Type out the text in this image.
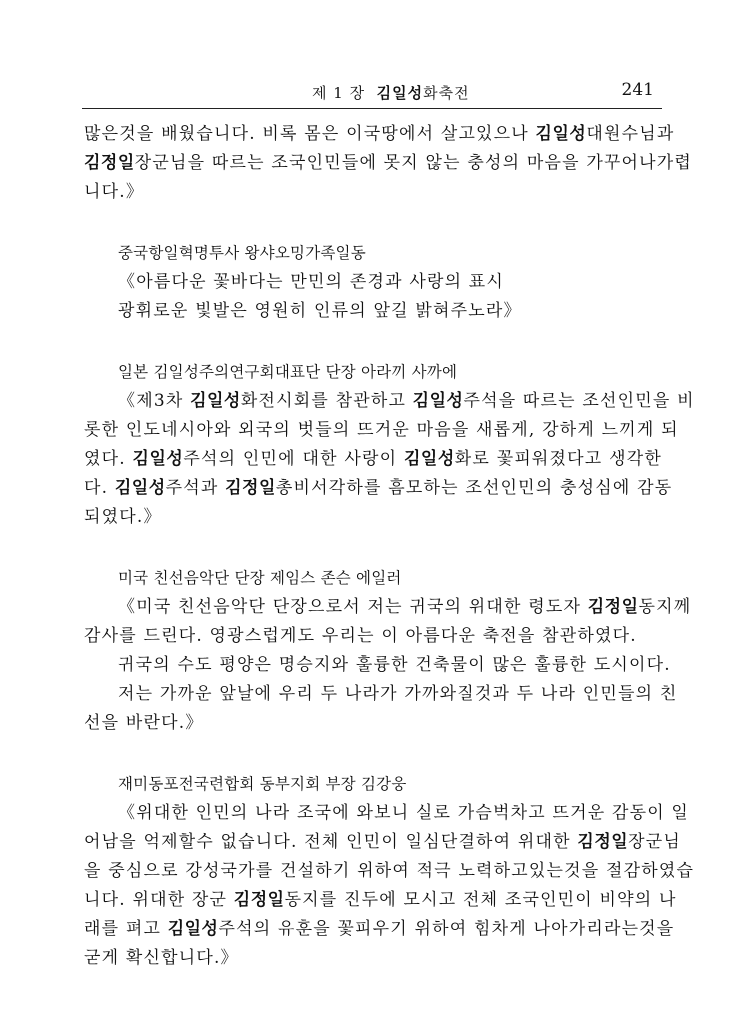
제 1 장 김일성화축전	241
많은것을 배웠습니다. 비록 몸은 이국땅에서 살고있으나 김일성대원수님과
김정일장군님을 따르는 조국인민들에 못지 않는 충성의 마음을 가꾸어나가렵
니다.》
중국항일혁명투사 왕샤오밍가족일동
《아름다운 꽃바다는 만민의 존경과 사랑의 표시
광휘로운 빛발은 영원히 인류의 앞길 밝혀주노라》
일본 김일성주의연구회대표단 단장 아라끼 사까에
《제3차 김일성화전시회를 참관하고 김일성주석을 따르는 조선인민을 비
롯한 인도네시아와 외국의 벗들의 뜨거운 마음을 새롭게, 강하게 느끼게 되
였다. 김일성주석의 인민에 대한 사랑이 김일성화로 꽃피워졌다고 생각한
다. 김일성주석과 김정일총비서각하를 흠모하는 조선인민의 충성심에 감동
되였다.》
미국 친선음악단 단장 제임스 존슨 에일러
《미국 친선음악단 단장으로서 저는 귀국의 위대한 령도자 김정일동지께
감사를 드린다. 영광스럽게도 우리는 이 아름다운 축전을 참관하였다.
귀국의 수도 평양은 명승지와 훌륭한 건축물이 많은 훌륭한 도시이다.
저는 가까운 앞날에 우리 두 나라가 가까와질것과 두 나라 인민들의 친
선을 바란다.》
재미동포전국련합회 동부지회 부장 김강웅
《위대한 인민의 나라 조국에 와보니 실로 가슴벅차고 뜨거운 감동이 일
어남을 억제할수 없습니다. 전체 인민이 일심단결하여 위대한 김정일장군님
을 중심으로 강성국가를 건설하기 위하여 적극 노력하고있는것을 절감하였습
니다. 위대한 장군 김정일동지를 진두에 모시고 전체 조국인민이 비약의 나
래를 펴고 김일성주석의 유훈을 꽃피우기 위하여 힘차게 나아가리라는것을
굳게 확신합니다.》
